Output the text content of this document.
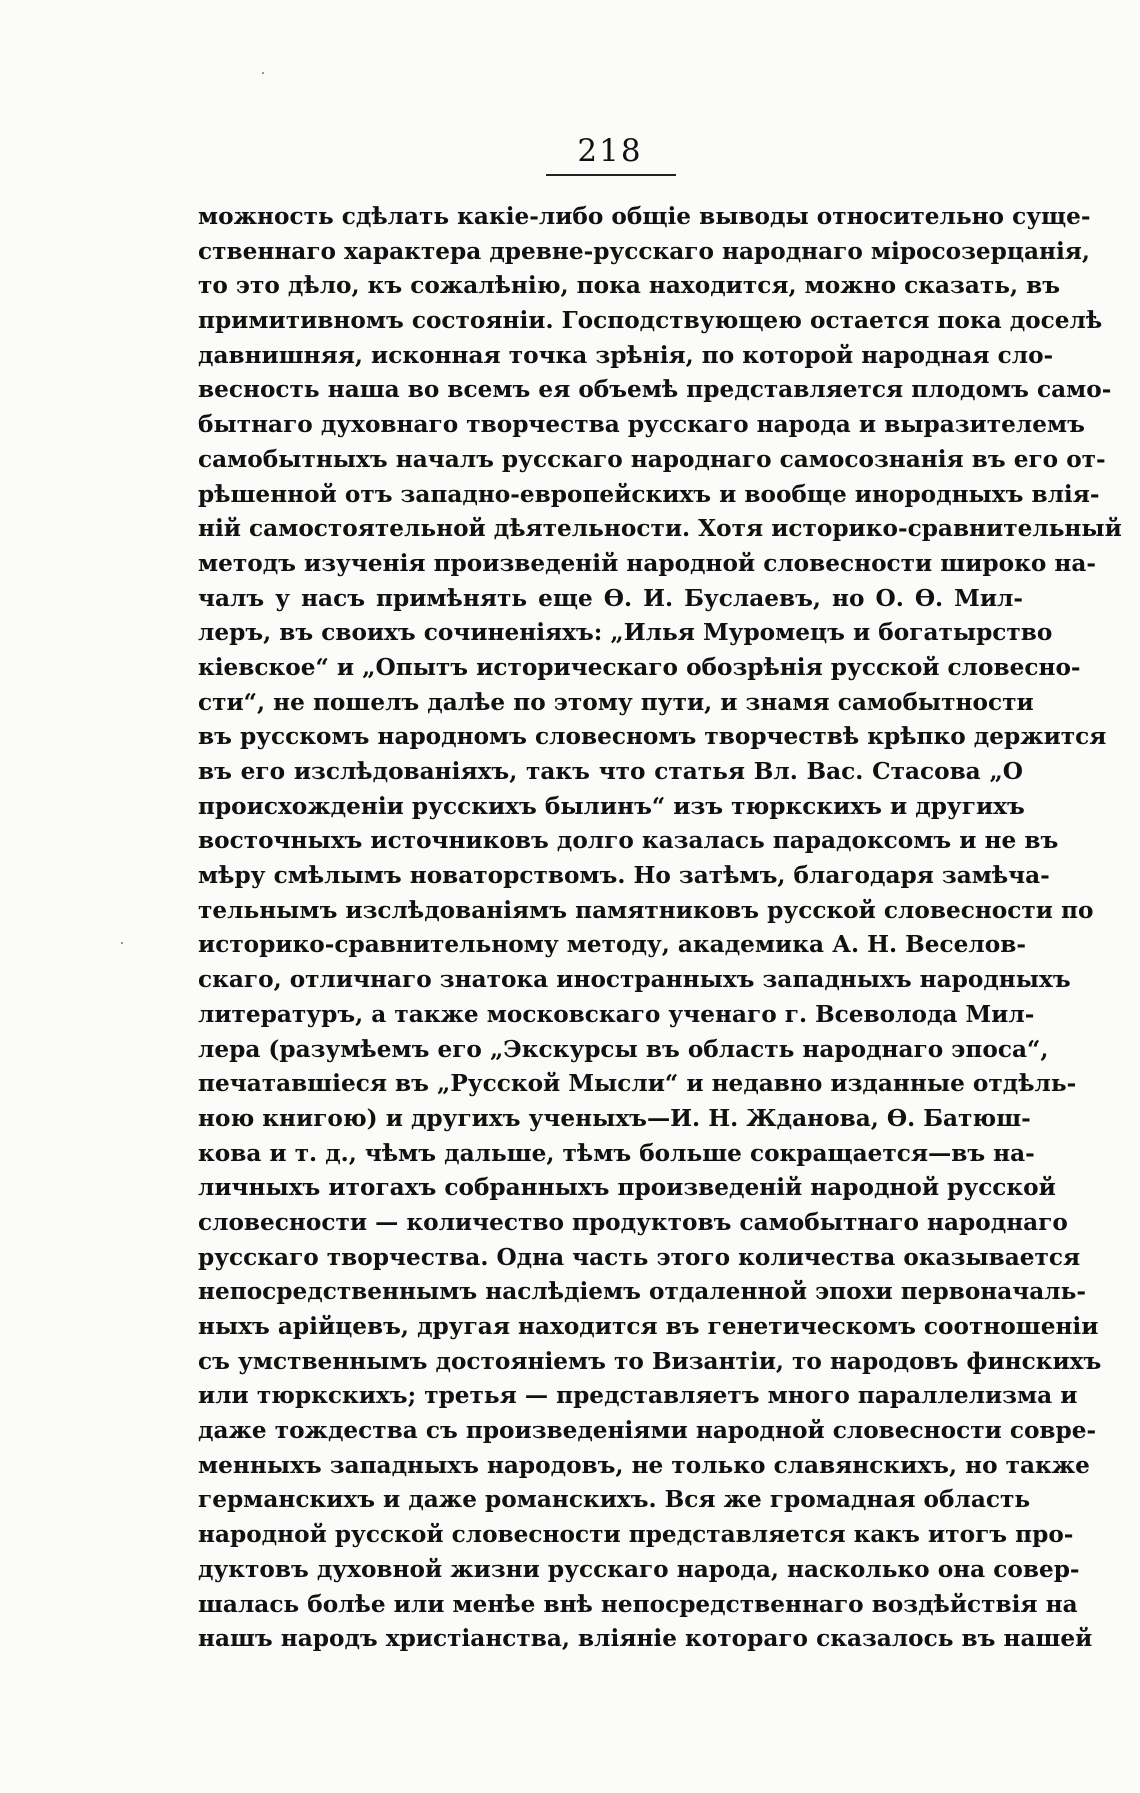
218
можность сдѣлать какіе-либо общіе выводы относительно суще-
ственнаго характера древне-русскаго народнаго міросозерцанія,
то это дѣло, къ сожалѣнію, пока находится, можно сказать, въ
примитивномъ состояніи. Господствующею остается пока доселѣ
давнишняя, исконная точка зрѣнія, по которой народная сло-
весность наша во всемъ ея объемѣ представляется плодомъ само-
бытнаго духовнаго творчества русскаго народа и выразителемъ
самобытныхъ началъ русскаго народнаго самосознанія въ его от-
рѣшенной отъ западно-европейскихъ и вообще инородныхъ влія-
ній самостоятельной дѣятельности. Хотя историко-сравнительный
методъ изученія произведеній народной словесности широко на-
чалъ у насъ примѣнять еще Ѳ. И. Буслаевъ, но О. Ѳ. Мил-
леръ, въ своихъ сочиненіяхъ: „Илья Муромецъ и богатырство
кіевское“ и „Опытъ историческаго обозрѣнія русской словесно-
сти“, не пошелъ далѣе по этому пути, и знамя самобытности
въ русскомъ народномъ словесномъ творчествѣ крѣпко держится
въ его изслѣдованіяхъ, такъ что статья Вл. Вас. Стасова „О
происхожденіи русскихъ былинъ“ изъ тюркскихъ и другихъ
восточныхъ источниковъ долго казалась парадоксомъ и не въ
мѣру смѣлымъ новаторствомъ. Но затѣмъ, благодаря замѣча-
тельнымъ изслѣдованіямъ памятниковъ русской словесности по
историко-сравнительному методу, академика А. Н. Веселов-
скаго, отличнаго знатока иностранныхъ западныхъ народныхъ
литературъ, а также московскаго ученаго г. Всеволода Мил-
лера (разумѣемъ его „Экскурсы въ область народнаго эпоса“,
печатавшіеся въ „Русской Мысли“ и недавно изданные отдѣль-
ною книгою) и другихъ ученыхъ—И. Н. Жданова, Ѳ. Батюш-
кова и т. д., чѣмъ дальше, тѣмъ больше сокращается—въ на-
личныхъ итогахъ собранныхъ произведеній народной русской
словесности — количество продуктовъ самобытнаго народнаго
русскаго творчества. Одна часть этого количества оказывается
непосредственнымъ наслѣдіемъ отдаленной эпохи первоначаль-
ныхъ арійцевъ, другая находится въ генетическомъ соотношеніи
съ умственнымъ достояніемъ то Византіи, то народовъ финскихъ
или тюркскихъ; третья — представляетъ много параллелизма и
даже тождества съ произведеніями народной словесности совре-
менныхъ западныхъ народовъ, не только славянскихъ, но также
германскихъ и даже романскихъ. Вся же громадная область
народной русской словесности представляется какъ итогъ про-
дуктовъ духовной жизни русскаго народа, насколько она совер-
шалась болѣе или менѣе внѣ непосредственнаго воздѣйствія на
нашъ народъ христіанства, вліяніе котораго сказалось въ нашей
